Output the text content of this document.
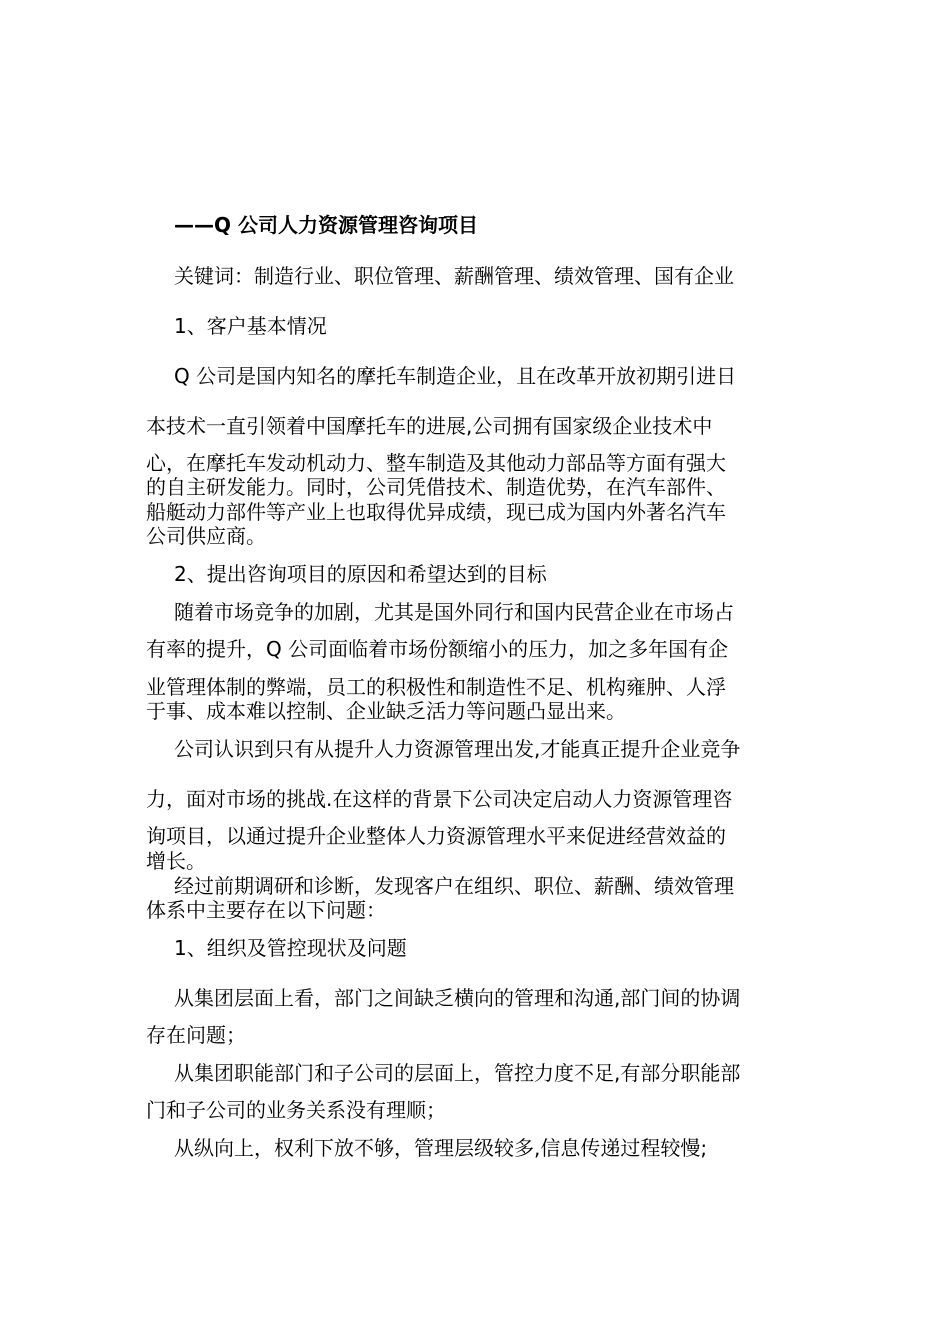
——Q 公司人力资源管理咨询项目
关键词：制造行业、职位管理、薪酬管理、绩效管理、国有企业
1、客户基本情况
Q 公司是国内知名的摩托车制造企业，且在改革开放初期引进日
本技术一直引领着中国摩托车的进展,公司拥有国家级企业技术中
心，在摩托车发动机动力、整车制造及其他动力部品等方面有强大
的自主研发能力。同时，公司凭借技术、制造优势，在汽车部件、
船艇动力部件等产业上也取得优异成绩，现已成为国内外著名汽车
公司供应商。
2、提出咨询项目的原因和希望达到的目标
随着市场竞争的加剧，尤其是国外同行和国内民营企业在市场占
有率的提升，Q 公司面临着市场份额缩小的压力，加之多年国有企
业管理体制的弊端，员工的积极性和制造性不足、机构雍肿、人浮
于事、成本难以控制、企业缺乏活力等问题凸显出来。
公司认识到只有从提升人力资源管理出发,才能真正提升企业竞争
力，面对市场的挑战.在这样的背景下公司决定启动人力资源管理咨
询项目，以通过提升企业整体人力资源管理水平来促进经营效益的
增长。
经过前期调研和诊断，发现客户在组织、职位、薪酬、绩效管理
体系中主要存在以下问题：
1、组织及管控现状及问题
从集团层面上看，部门之间缺乏横向的管理和沟通,部门间的协调
存在问题；
从集团职能部门和子公司的层面上，管控力度不足,有部分职能部
门和子公司的业务关系没有理顺；
从纵向上，权利下放不够，管理层级较多,信息传递过程较慢;
